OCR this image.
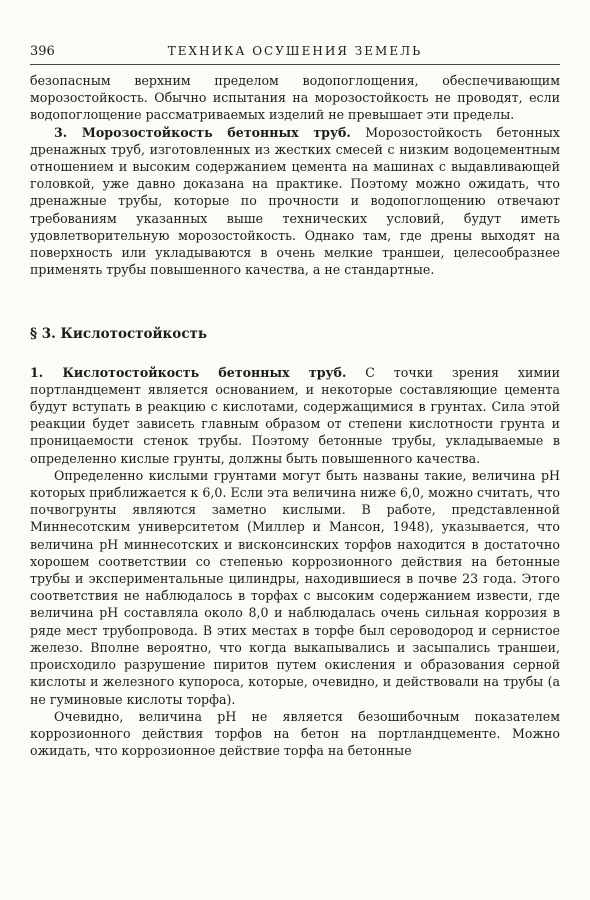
396	ТЕХНИКА ОСУШЕНИЯ ЗЕМЕЛЬ

безопасным верхним пределом водопоглощения, обеспечивающим морозостойкость. Обычно испытания на морозостойкость не проводят, если водопоглощение рассматриваемых изделий не превышает эти пределы.

3. Морозостойкость бетонных труб. Морозостойкость бетонных дренажных труб, изготовленных из жестких смесей с низким водоцементным отношением и высоким содержанием цемента на машинах с выдавливающей головкой, уже давно доказана на практике. Поэтому можно ожидать, что дренажные трубы, которые по прочности и водопоглощению отвечают требованиям указанных выше технических условий, будут иметь удовлетворительную морозостойкость. Однако там, где дрены выходят на поверхность или укладываются в очень мелкие траншеи, целесообразнее применять трубы повышенного качества, а не стандартные.

§ 3. Кислотостойкость

1. Кислотостойкость бетонных труб. С точки зрения химии портландцемент является основанием, и некоторые составляющие цемента будут вступать в реакцию с кислотами, содержащимися в грунтах. Сила этой реакции будет зависеть главным образом от степени кислотности грунта и проницаемости стенок трубы. Поэтому бетонные трубы, укладываемые в определенно кислые грунты, должны быть повышенного качества.

Определенно кислыми грунтами могут быть названы такие, величина pH которых приближается к 6,0. Если эта величина ниже 6,0, можно считать, что почвогрунты являются заметно кислыми. В работе, представленной Миннесотским университетом (Миллер и Мансон, 1948), указывается, что величина pH миннесотских и висконсинских торфов находится в достаточно хорошем соответствии со степенью коррозионного действия на бетонные трубы и экспериментальные цилиндры, находившиеся в почве 23 года. Этого соответствия не наблюдалось в торфах с высоким содержанием извести, где величина pH составляла около 8,0 и наблюдалась очень сильная коррозия в ряде мест трубопровода. В этих местах в торфе был сероводород и сернистое железо. Вполне вероятно, что когда выкапывались и засыпались траншеи, происходило разрушение пиритов путем окисления и образования серной кислоты и железного купороса, которые, очевидно, и действовали на трубы (а не гуминовые кислоты торфа).

Очевидно, величина pH не является безошибочным показателем коррозионного действия торфов на бетон на портландцементе. Можно ожидать, что коррозионное действие торфа на бетонные
